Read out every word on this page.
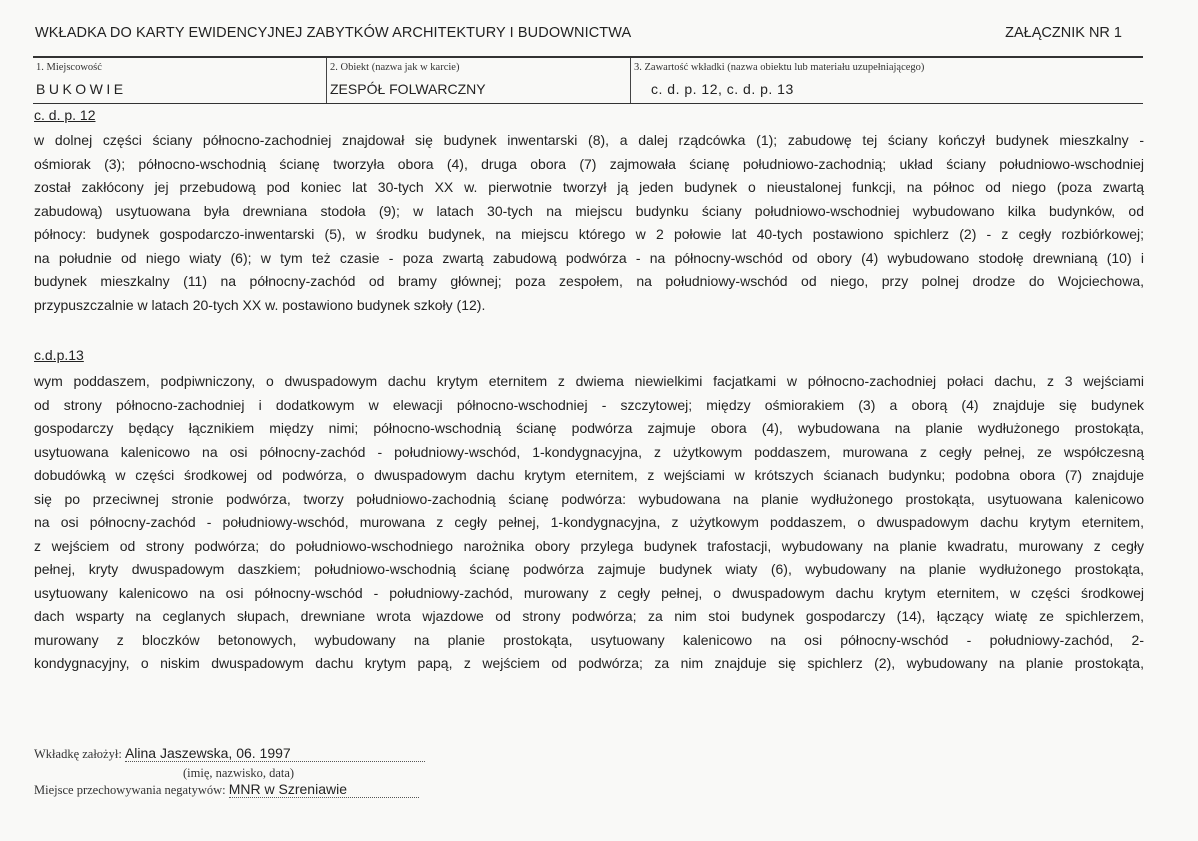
WKŁADKA DO KARTY EWIDENCYJNEJ ZABYTKÓW ARCHITEKTURY I BUDOWNICTWA	ZAŁĄCZNIK NR 1
1. Miejscowość
BUKOWIE
2. Obiekt (nazwa jak w karcie)
ZESPÓŁ FOLWARCZNY
3. Zawartość wkładki (nazwa obiektu lub materiału uzupełniającego)
c. d. p. 12, c. d. p. 13
c. d. p. 12
w dolnej części ściany północno-zachodniej znajdował się budynek inwentarski (8), a dalej rządcówka (1); zabudowę tej ściany kończył budynek mieszkalny -
ośmiorak (3); północno-wschodnią ścianę tworzyła obora (4), druga obora (7) zajmowała ścianę południowo-zachodnią; układ ściany południowo-wschodniej
został zakłócony jej przebudową pod koniec lat 30-tych XX w. pierwotnie tworzył ją jeden budynek o nieustalonej funkcji, na północ od niego (poza zwartą
zabudową) usytuowana była drewniana stodoła (9); w latach 30-tych na miejscu budynku ściany południowo-wschodniej wybudowano kilka budynków, od
północy: budynek gospodarczo-inwentarski (5), w środku budynek, na miejscu którego w 2 połowie lat 40-tych postawiono spichlerz (2) - z cegły rozbiórkowej;
na południe od niego wiaty (6); w tym też czasie - poza zwartą zabudową podwórza - na północny-wschód od obory (4) wybudowano stodołę drewnianą (10) i
budynek mieszkalny (11) na północny-zachód od bramy głównej; poza zespołem, na południowy-wschód od niego, przy polnej drodze do Wojciechowa,
przypuszczalnie w latach 20-tych XX w. postawiono budynek szkoły (12).
c.d.p.13
wym poddaszem, podpiwniczony, o dwuspadowym dachu krytym eternitem z dwiema niewielkimi facjatkami w północno-zachodniej połaci dachu, z 3 wejściami
od strony północno-zachodniej i dodatkowym w elewacji północno-wschodniej - szczytowej; między ośmiorakiem (3) a oborą (4) znajduje się budynek
gospodarczy będący łącznikiem między nimi; północno-wschodnią ścianę podwórza zajmuje obora (4), wybudowana na planie wydłużonego prostokąta,
usytuowana kalenicowo na osi północny-zachód - południowy-wschód, 1-kondygnacyjna, z użytkowym poddaszem, murowana z cegły pełnej, ze współczesną
dobudówką w części środkowej od podwórza, o dwuspadowym dachu krytym eternitem, z wejściami w krótszych ścianach budynku; podobna obora (7) znajduje
się po przeciwnej stronie podwórza, tworzy południowo-zachodnią ścianę podwórza: wybudowana na planie wydłużonego prostokąta, usytuowana kalenicowo
na osi północny-zachód - południowy-wschód, murowana z cegły pełnej, 1-kondygnacyjna, z użytkowym poddaszem, o dwuspadowym dachu krytym eternitem,
z wejściem od strony podwórza; do południowo-wschodniego narożnika obory przylega budynek trafostacji, wybudowany na planie kwadratu, murowany z cegły
pełnej, kryty dwuspadowym daszkiem; południowo-wschodnią ścianę podwórza zajmuje budynek wiaty (6), wybudowany na planie wydłużonego prostokąta,
usytuowany kalenicowo na osi północny-wschód - południowy-zachód, murowany z cegły pełnej, o dwuspadowym dachu krytym eternitem, w części środkowej
dach wsparty na ceglanych słupach, drewniane wrota wjazdowe od strony podwórza; za nim stoi budynek gospodarczy (14), łączący wiatę ze spichlerzem,
murowany z bloczków betonowych, wybudowany na planie prostokąta, usytuowany kalenicowo na osi północny-wschód - południowy-zachód, 2-
kondygnacyjny, o niskim dwuspadowym dachu krytym papą, z wejściem od podwórza; za nim znajduje się spichlerz (2), wybudowany na planie prostokąta,
Wkładkę założył: Alina Jaszewska, 06. 1997
(imię, nazwisko, data)
Miejsce przechowywania negatywów: MNR w Szreniawie
